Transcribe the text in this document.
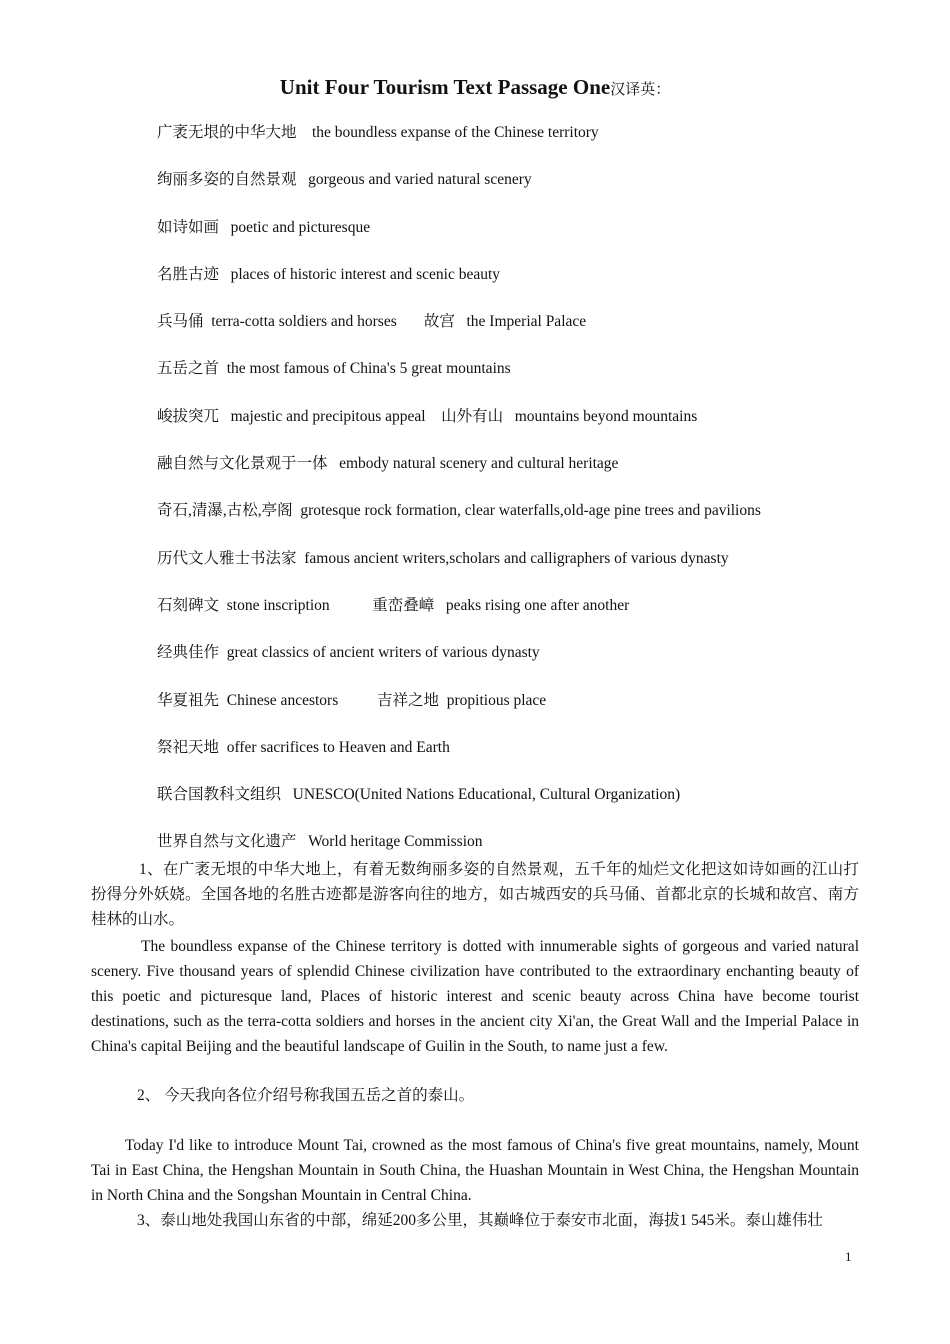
Unit Four Tourism Text Passage One汉译英：
广袤无垠的中华大地    the boundless expanse of the Chinese territory
绚丽多姿的自然景观   gorgeous and varied natural scenery
如诗如画   poetic and picturesque
名胜古迹   places of historic interest and scenic beauty
兵马俑  terra-cotta soldiers and horses       故宫   the Imperial Palace
五岳之首  the most famous of China's 5 great mountains
峻拔突兀   majestic and precipitous appeal    山外有山   mountains beyond mountains
融自然与文化景观于一体   embody natural scenery and cultural heritage
奇石,清瀑,古松,亭阁  grotesque rock formation, clear waterfalls,old-age pine trees and pavilions
历代文人雅士书法家  famous ancient writers,scholars and calligraphers of various dynasty
石刻碑文  stone inscription           重峦叠嶂   peaks rising one after another
经典佳作  great classics of ancient writers of various dynasty
华夏祖先  Chinese ancestors          吉祥之地  propitious place
祭祀天地  offer sacrifices to Heaven and Earth
联合国教科文组织   UNESCO(United Nations Educational, Cultural Organization)
世界自然与文化遗产   World heritage Commission

1、在广袤无垠的中华大地上，有着无数绚丽多姿的自然景观，五千年的灿烂文化把这如诗如画的江山打扮得分外妖娆。全国各地的名胜古迹都是游客向往的地方，如古城西安的兵马俑、首都北京的长城和故宫、南方桂林的山水。

The boundless expanse of the Chinese territory is dotted with innumerable sights of gorgeous and varied natural scenery. Five thousand years of splendid Chinese civilization have contributed to the extraordinary enchanting beauty of this poetic and picturesque land, Places of historic interest and scenic beauty across China have become tourist destinations, such as the terra-cotta soldiers and horses in the ancient city Xi'an, the Great Wall and the Imperial Palace in China's capital Beijing and the beautiful landscape of Guilin in the South, to name just a few.

2、 今天我向各位介绍号称我国五岳之首的泰山。

Today I'd like to introduce Mount Tai, crowned as the most famous of China's five great mountains, namely, Mount Tai in East China, the Hengshan Mountain in South China, the Huashan Mountain in West China, the Hengshan Mountain in North China and the Songshan Mountain in Central China.

3、泰山地处我国山东省的中部，绵延200多公里，其巅峰位于泰安市北面，海拔1 545米。泰山雄伟壮

1
